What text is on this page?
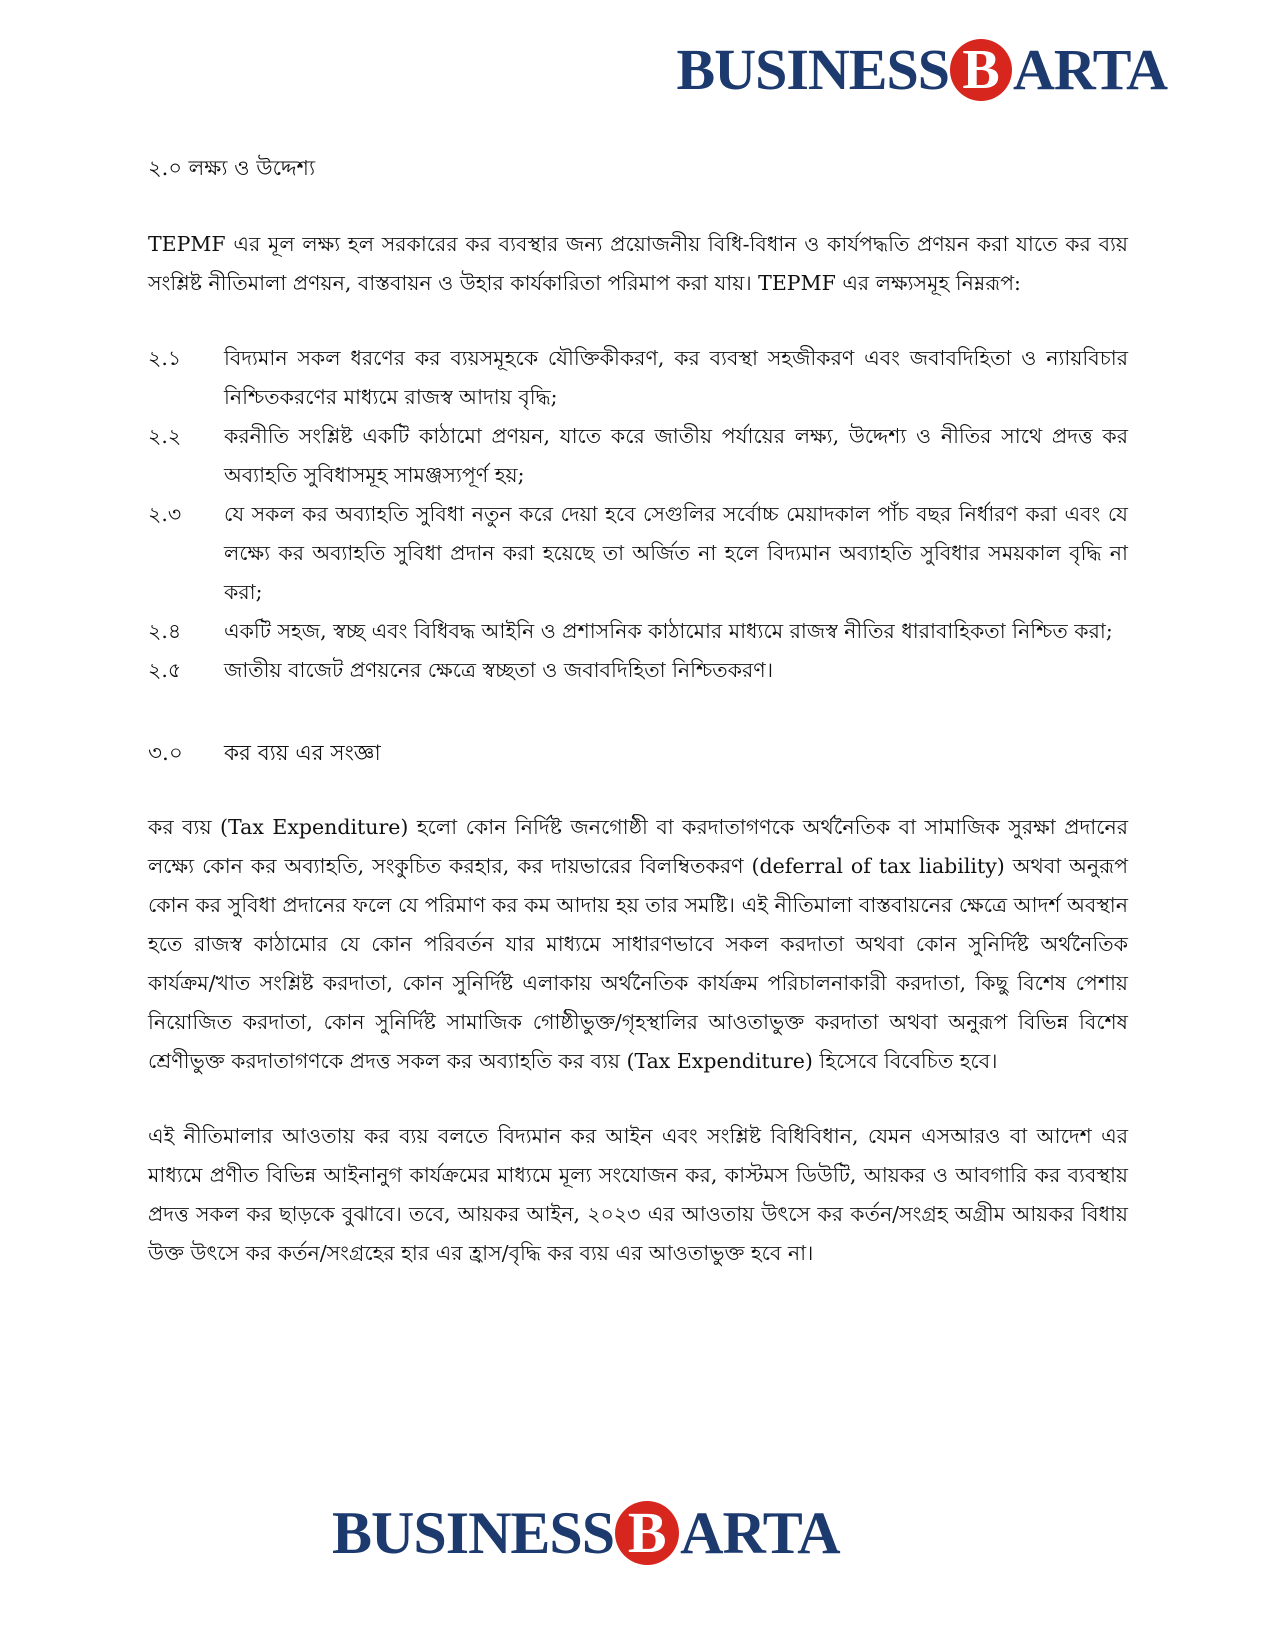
BUSINESS B ARTA
২.০ লক্ষ্য ও উদ্দেশ্য

TEPMF এর মূল লক্ষ্য হল সরকারের কর ব্যবস্থার জন্য প্রয়োজনীয় বিধি-বিধান ও কার্যপদ্ধতি প্রণয়ন করা যাতে কর ব্যয় সংশ্লিষ্ট নীতিমালা প্রণয়ন, বাস্তবায়ন ও উহার কার্যকারিতা পরিমাপ করা যায়। TEPMF এর লক্ষ্যসমূহ নিম্নরূপ:

২.১	বিদ্যমান সকল ধরণের কর ব্যয়সমূহকে যৌক্তিকীকরণ, কর ব্যবস্থা সহজীকরণ এবং জবাবদিহিতা ও ন্যায়বিচার নিশ্চিতকরণের মাধ্যমে রাজস্ব আদায় বৃদ্ধি;
২.২	করনীতি সংশ্লিষ্ট একটি কাঠামো প্রণয়ন, যাতে করে জাতীয় পর্যায়ের লক্ষ্য, উদ্দেশ্য ও নীতির সাথে প্রদত্ত কর অব্যাহতি সুবিধাসমূহ সামঞ্জস্যপূর্ণ হয়;
২.৩	যে সকল কর অব্যাহতি সুবিধা নতুন করে দেয়া হবে সেগুলির সর্বোচ্চ মেয়াদকাল পাঁচ বছর নির্ধারণ করা এবং যে লক্ষ্যে কর অব্যাহতি সুবিধা প্রদান করা হয়েছে তা অর্জিত না হলে বিদ্যমান অব্যাহতি সুবিধার সময়কাল বৃদ্ধি না করা;
২.৪	একটি সহজ, স্বচ্ছ এবং বিধিবদ্ধ আইনি ও প্রশাসনিক কাঠামোর মাধ্যমে রাজস্ব নীতির ধারাবাহিকতা নিশ্চিত করা;
২.৫	জাতীয় বাজেট প্রণয়নের ক্ষেত্রে স্বচ্ছতা ও জবাবদিহিতা নিশ্চিতকরণ।
৩.০	কর ব্যয় এর সংজ্ঞা

কর ব্যয় (Tax Expenditure) হলো কোন নির্দিষ্ট জনগোষ্ঠী বা করদাতাগণকে অর্থনৈতিক বা সামাজিক সুরক্ষা প্রদানের লক্ষ্যে কোন কর অব্যাহতি, সংকুচিত করহার, কর দায়ভারের বিলম্বিতকরণ (deferral of tax liability) অথবা অনুরূপ কোন কর সুবিধা প্রদানের ফলে যে পরিমাণ কর কম আদায় হয় তার সমষ্টি। এই নীতিমালা বাস্তবায়নের ক্ষেত্রে আদর্শ অবস্থান হতে রাজস্ব কাঠামোর যে কোন পরিবর্তন যার মাধ্যমে সাধারণভাবে সকল করদাতা অথবা কোন সুনির্দিষ্ট অর্থনৈতিক কার্যক্রম/খাত সংশ্লিষ্ট করদাতা, কোন সুনির্দিষ্ট এলাকায় অর্থনৈতিক কার্যক্রম পরিচালনাকারী করদাতা, কিছু বিশেষ পেশায় নিয়োজিত করদাতা, কোন সুনির্দিষ্ট সামাজিক গোষ্ঠীভুক্ত/গৃহস্থালির আওতাভুক্ত করদাতা অথবা অনুরূপ বিভিন্ন বিশেষ শ্রেণীভুক্ত করদাতাগণকে প্রদত্ত সকল কর অব্যাহতি কর ব্যয় (Tax Expenditure) হিসেবে বিবেচিত হবে।

এই নীতিমালার আওতায় কর ব্যয় বলতে বিদ্যমান কর আইন এবং সংশ্লিষ্ট বিধিবিধান, যেমন এসআরও বা আদেশ এর মাধ্যমে প্রণীত বিভিন্ন আইনানুগ কার্যক্রমের মাধ্যমে মূল্য সংযোজন কর, কাস্টমস ডিউটি, আয়কর ও আবগারি কর ব্যবস্থায় প্রদত্ত সকল কর ছাড়কে বুঝাবে। তবে, আয়কর আইন, ২০২৩ এর আওতায় উৎসে কর কর্তন/সংগ্রহ অগ্রীম আয়কর বিধায় উক্ত উৎসে কর কর্তন/সংগ্রহের হার এর হ্রাস/বৃদ্ধি কর ব্যয় এর আওতাভুক্ত হবে না।

BUSINESS B ARTA
